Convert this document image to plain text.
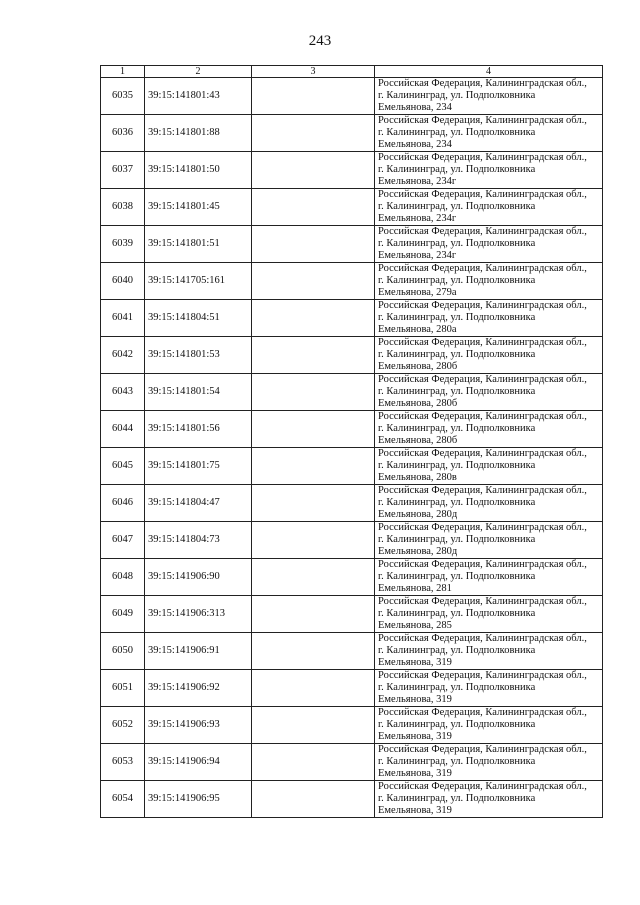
243
1	2	3	4
6035	39:15:141801:43		Российская Федерация, Калининградская обл.,
г. Калининград, ул. Подполковника
Емельянова, 234

6036	39:15:141801:88		Российская Федерация, Калининградская обл.,
г. Калининград, ул. Подполковника
Емельянова, 234

6037	39:15:141801:50		Российская Федерация, Калининградская обл.,
г. Калининград, ул. Подполковника
Емельянова, 234г

6038	39:15:141801:45		Российская Федерация, Калининградская обл.,
г. Калининград, ул. Подполковника
Емельянова, 234г

6039	39:15:141801:51		Российская Федерация, Калининградская обл.,
г. Калининград, ул. Подполковника
Емельянова, 234г

6040	39:15:141705:161		Российская Федерация, Калининградская обл.,
г. Калининград, ул. Подполковника
Емельянова, 279а

6041	39:15:141804:51		Российская Федерация, Калининградская обл.,
г. Калининград, ул. Подполковника
Емельянова, 280а

6042	39:15:141801:53		Российская Федерация, Калининградская обл.,
г. Калининград, ул. Подполковника
Емельянова, 280б

6043	39:15:141801:54		Российская Федерация, Калининградская обл.,
г. Калининград, ул. Подполковника
Емельянова, 280б

6044	39:15:141801:56		Российская Федерация, Калининградская обл.,
г. Калининград, ул. Подполковника
Емельянова, 280б

6045	39:15:141801:75		Российская Федерация, Калининградская обл.,
г. Калининград, ул. Подполковника
Емельянова, 280в

6046	39:15:141804:47		Российская Федерация, Калининградская обл.,
г. Калининград, ул. Подполковника
Емельянова, 280д

6047	39:15:141804:73		Российская Федерация, Калининградская обл.,
г. Калининград, ул. Подполковника
Емельянова, 280д

6048	39:15:141906:90		Российская Федерация, Калининградская обл.,
г. Калининград, ул. Подполковника
Емельянова, 281

6049	39:15:141906:313		Российская Федерация, Калининградская обл.,
г. Калининград, ул. Подполковника
Емельянова, 285

6050	39:15:141906:91		Российская Федерация, Калининградская обл.,
г. Калининград, ул. Подполковника
Емельянова, 319

6051	39:15:141906:92		Российская Федерация, Калининградская обл.,
г. Калининград, ул. Подполковника
Емельянова, 319

6052	39:15:141906:93		Российская Федерация, Калининградская обл.,
г. Калининград, ул. Подполковника
Емельянова, 319

6053	39:15:141906:94		Российская Федерация, Калининградская обл.,
г. Калининград, ул. Подполковника
Емельянова, 319

6054	39:15:141906:95		Российская Федерация, Калининградская обл.,
г. Калининград, ул. Подполковника
Емельянова, 319
